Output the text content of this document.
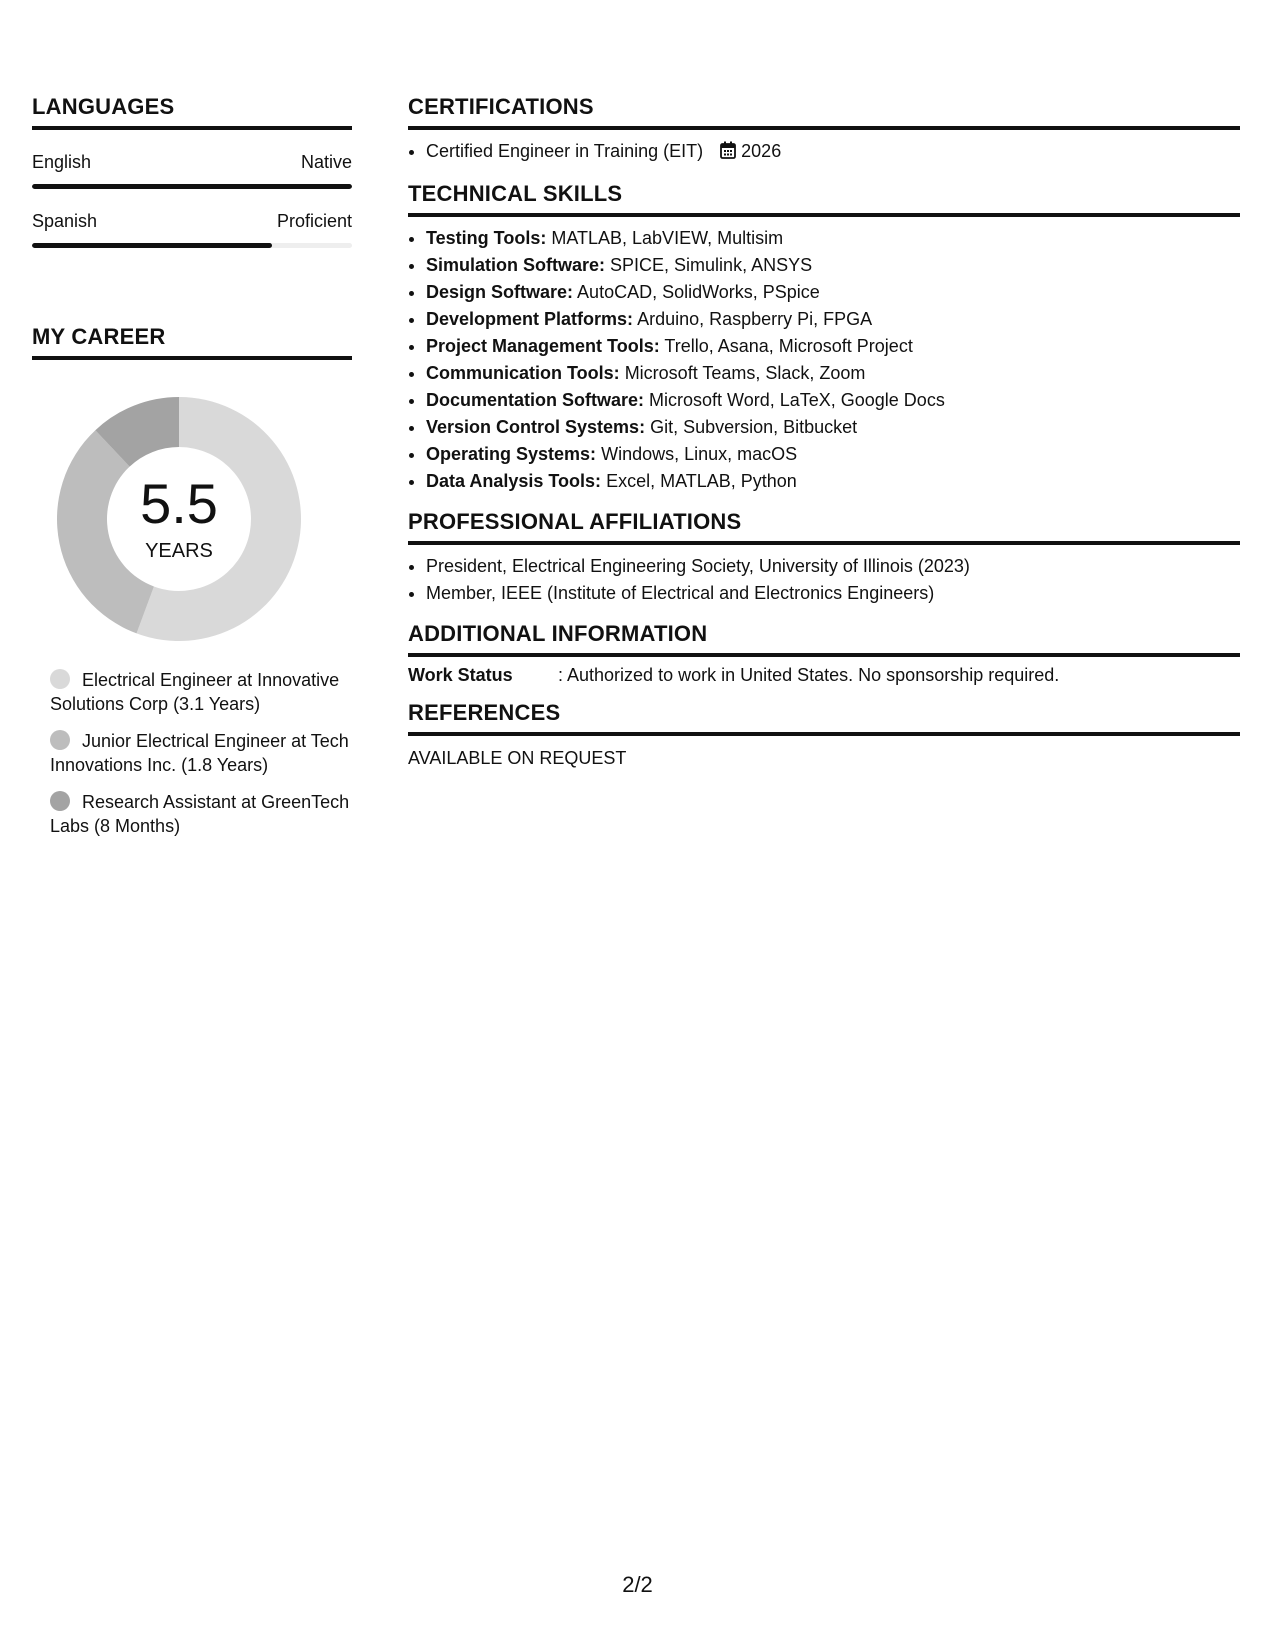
LANGUAGES
English	Native
Spanish	Proficient
MY CAREER
5.5
YEARS
Electrical Engineer at Innovative Solutions Corp (3.1 Years)
Junior Electrical Engineer at Tech Innovations Inc. (1.8 Years)
Research Assistant at GreenTech Labs (8 Months)
CERTIFICATIONS
• Certified Engineer in Training (EIT) 2026
TECHNICAL SKILLS
• Testing Tools: MATLAB, LabVIEW, Multisim
• Simulation Software: SPICE, Simulink, ANSYS
• Design Software: AutoCAD, SolidWorks, PSpice
• Development Platforms: Arduino, Raspberry Pi, FPGA
• Project Management Tools: Trello, Asana, Microsoft Project
• Communication Tools: Microsoft Teams, Slack, Zoom
• Documentation Software: Microsoft Word, LaTeX, Google Docs
• Version Control Systems: Git, Subversion, Bitbucket
• Operating Systems: Windows, Linux, macOS
• Data Analysis Tools: Excel, MATLAB, Python
PROFESSIONAL AFFILIATIONS
• President, Electrical Engineering Society, University of Illinois (2023)
• Member, IEEE (Institute of Electrical and Electronics Engineers)
ADDITIONAL INFORMATION
Work Status	: Authorized to work in United States. No sponsorship required.
REFERENCES
AVAILABLE ON REQUEST
2/2
